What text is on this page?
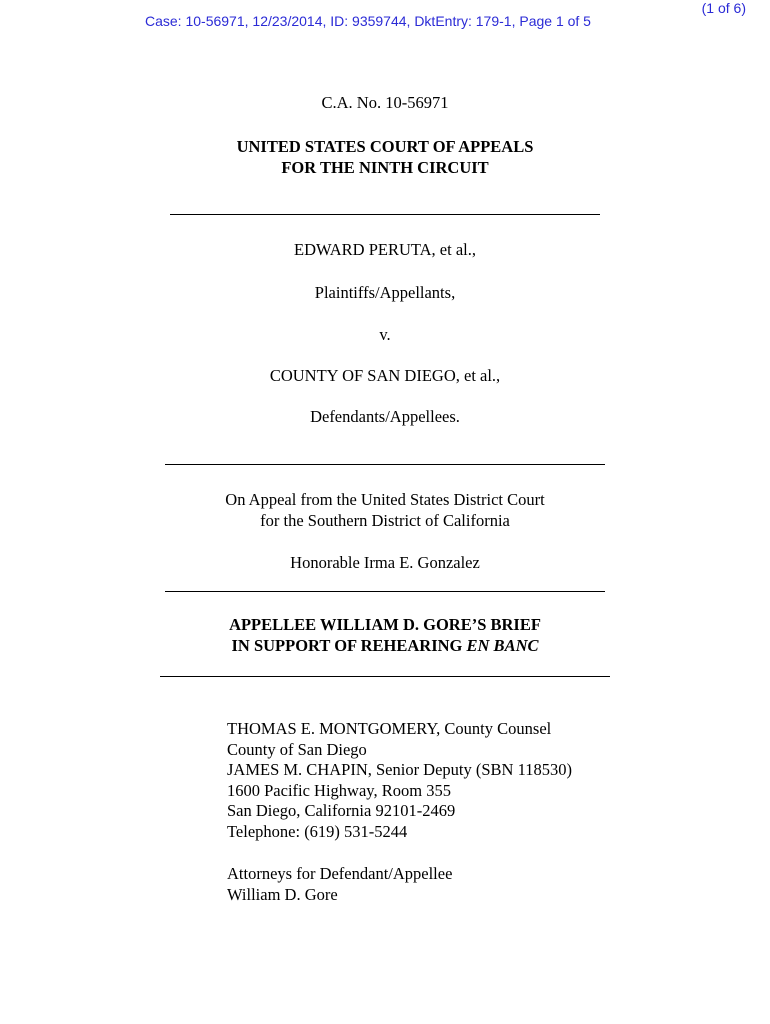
Case: 10-56971, 12/23/2014, ID: 9359744, DktEntry: 179-1, Page 1 of 5
(1 of 6)
C.A. No. 10-56971
UNITED STATES COURT OF APPEALS
FOR THE NINTH CIRCUIT
EDWARD PERUTA, et al.,
Plaintiffs/Appellants,
v.
COUNTY OF SAN DIEGO, et al.,
Defendants/Appellees.
On Appeal from the United States District Court
for the Southern District of California
Honorable Irma E. Gonzalez
APPELLEE WILLIAM D. GORE’S BRIEF
IN SUPPORT OF REHEARING EN BANC
THOMAS E. MONTGOMERY, County Counsel
County of San Diego
JAMES M. CHAPIN, Senior Deputy (SBN 118530)
1600 Pacific Highway, Room 355
San Diego, California 92101-2469
Telephone: (619) 531-5244
Attorneys for Defendant/Appellee
William D. Gore
